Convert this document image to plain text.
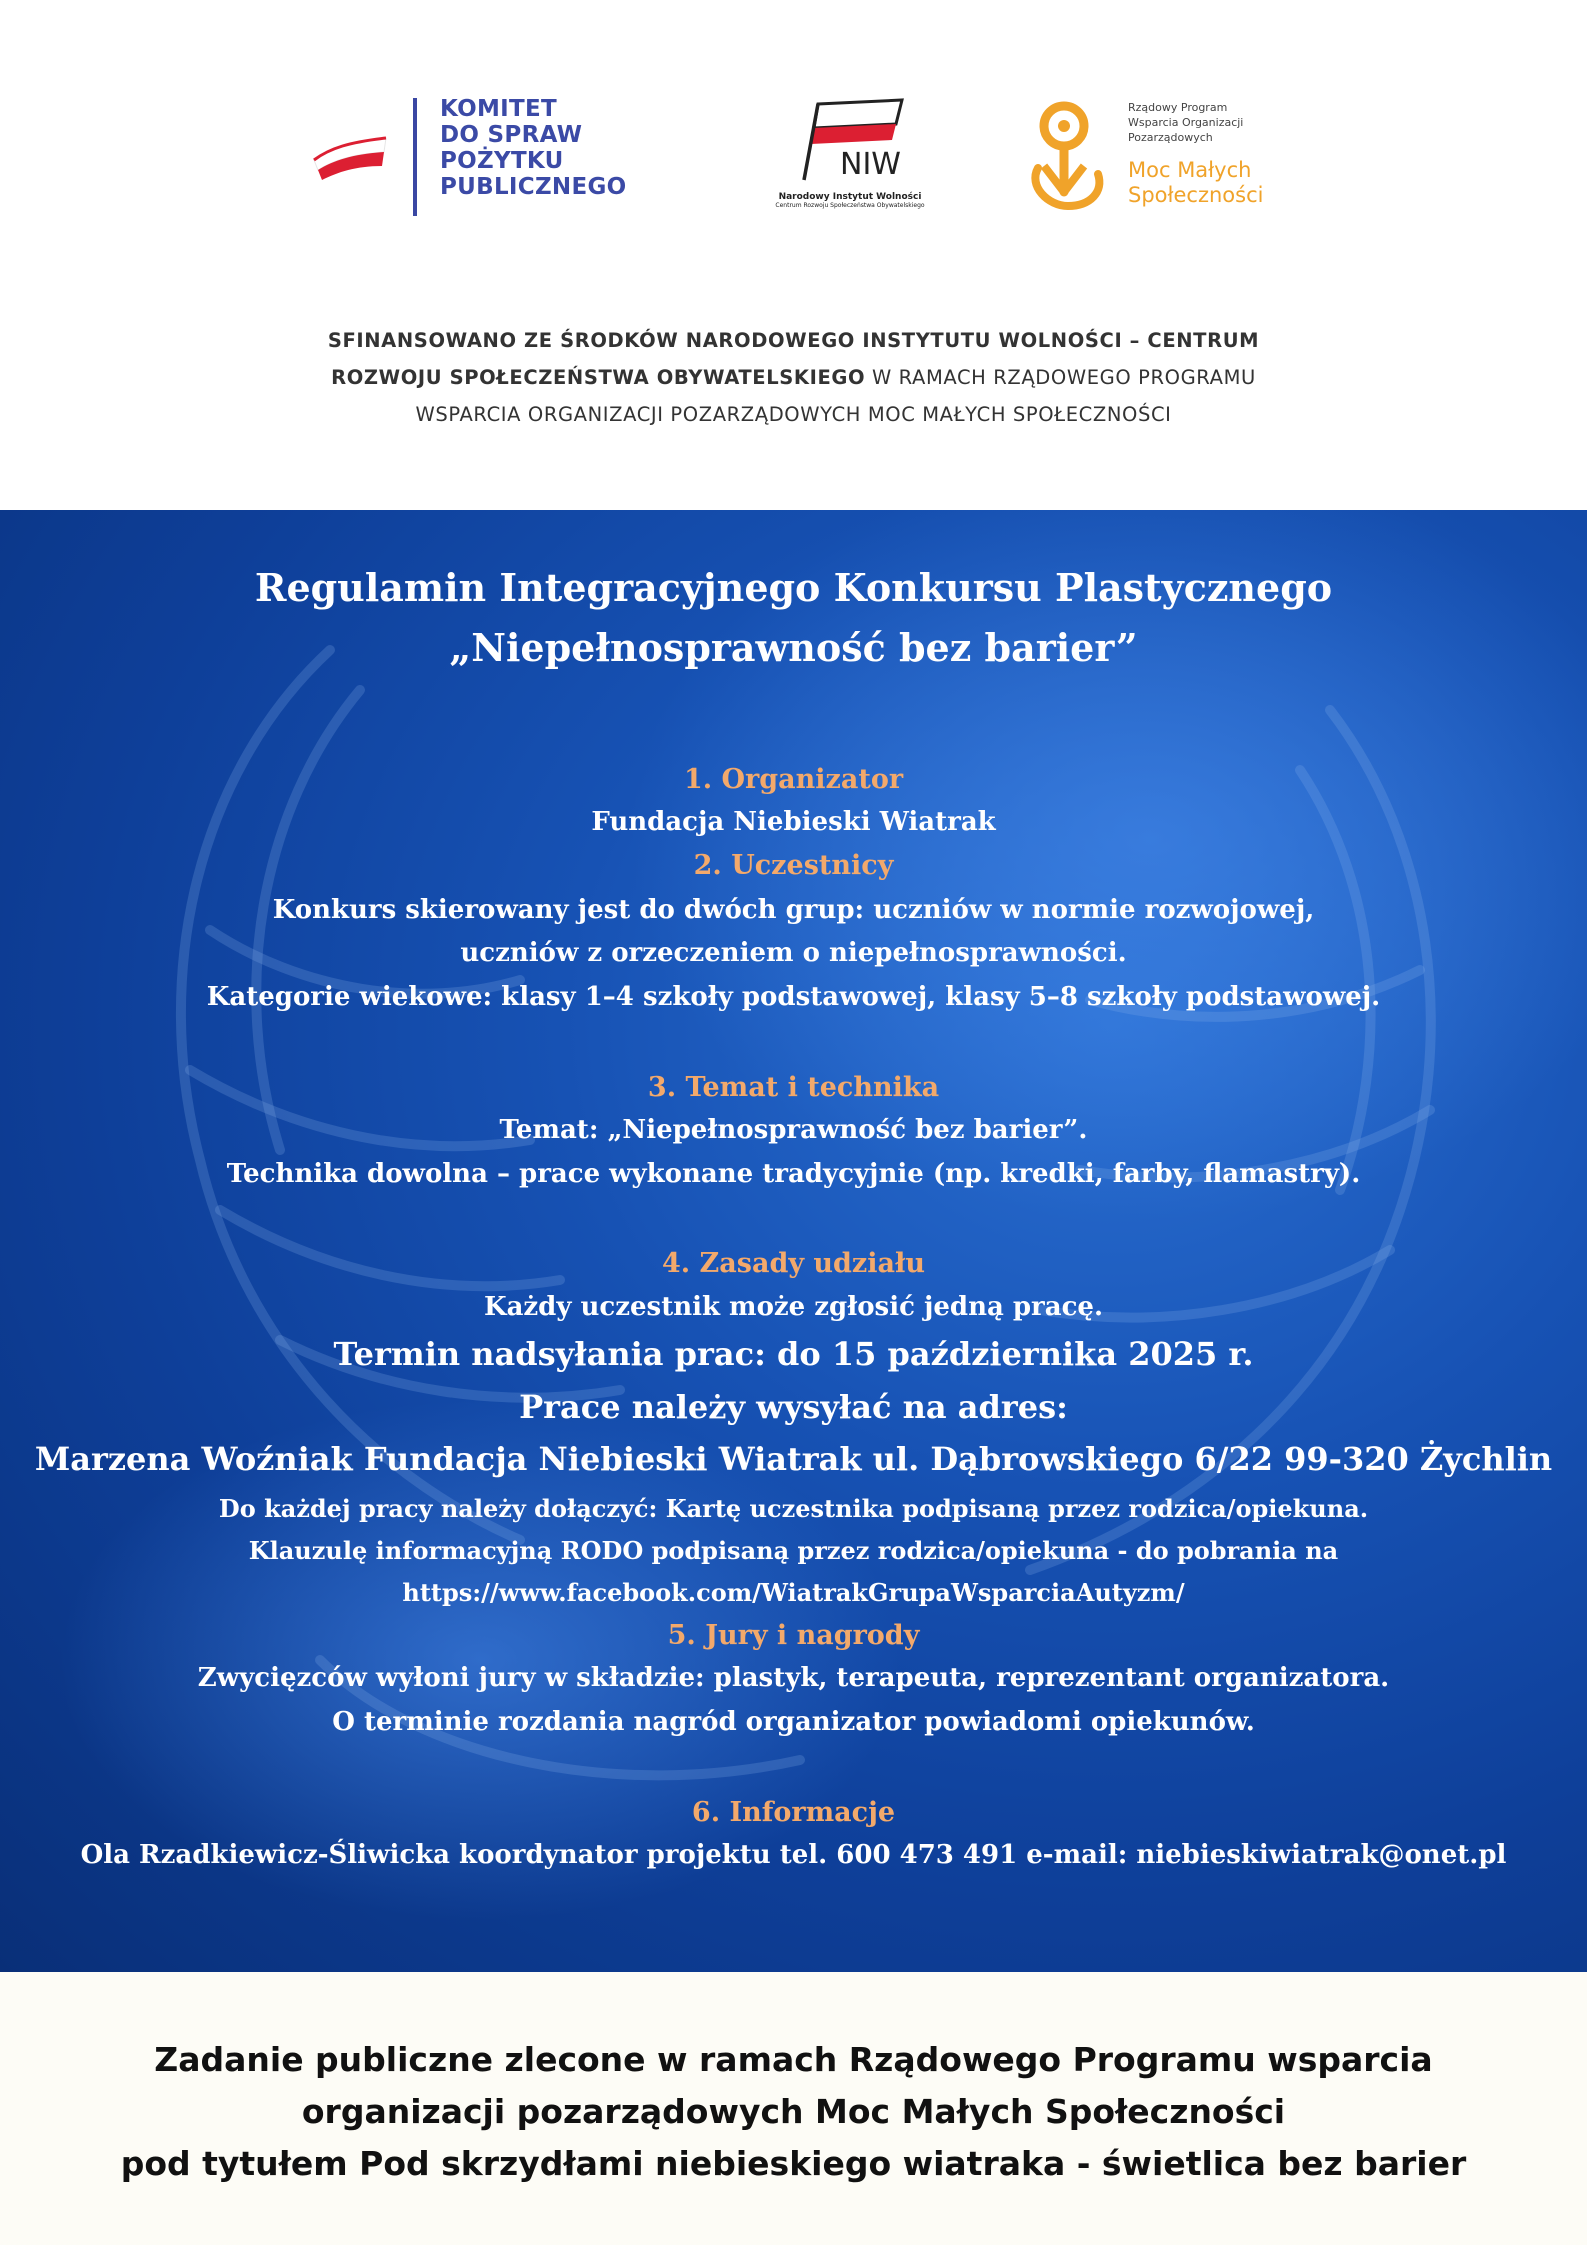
KOMITET
DO SPRAW
POŻYTKU
PUBLICZNEGO
NIW
Narodowy Instytut Wolności
Centrum Rozwoju Społeczeństwa Obywatelskiego
Rządowy Program
Wsparcia Organizacji
Pozarządowych
Moc Małych
Społeczności
SFINANSOWANO ZE ŚRODKÓW NARODOWEGO INSTYTUTU WOLNOŚCI – CENTRUM
ROZWOJU SPOŁECZEŃSTWA OBYWATELSKIEGO W RAMACH RZĄDOWEGO PROGRAMU
WSPARCIA ORGANIZACJI POZARZĄDOWYCH MOC MAŁYCH SPOŁECZNOŚCI
Regulamin Integracyjnego Konkursu Plastycznego
„Niepełnosprawność bez barier”
1. Organizator
Fundacja Niebieski Wiatrak
2. Uczestnicy
Konkurs skierowany jest do dwóch grup: uczniów w normie rozwojowej,
uczniów z orzeczeniem o niepełnosprawności.
Kategorie wiekowe: klasy 1–4 szkoły podstawowej, klasy 5–8 szkoły podstawowej.
3. Temat i technika
Temat: „Niepełnosprawność bez barier”.
Technika dowolna – prace wykonane tradycyjnie (np. kredki, farby, flamastry).
4. Zasady udziału
Każdy uczestnik może zgłosić jedną pracę.
Termin nadsyłania prac: do 15 października 2025 r.
Prace należy wysyłać na adres:
Marzena Woźniak Fundacja Niebieski Wiatrak ul. Dąbrowskiego 6/22 99-320 Żychlin
Do każdej pracy należy dołączyć: Kartę uczestnika podpisaną przez rodzica/opiekuna.
Klauzulę informacyjną RODO podpisaną przez rodzica/opiekuna - do pobrania na
https://www.facebook.com/WiatrakGrupaWsparciaAutyzm/
5. Jury i nagrody
Zwycięzców wyłoni jury w składzie: plastyk, terapeuta, reprezentant organizatora.
O terminie rozdania nagród organizator powiadomi opiekunów.
6. Informacje
Ola Rzadkiewicz-Śliwicka koordynator projektu tel. 600 473 491 e-mail: niebieskiwiatrak@onet.pl
Zadanie publiczne zlecone w ramach Rządowego Programu wsparcia
organizacji pozarządowych Moc Małych Społeczności
pod tytułem Pod skrzydłami niebieskiego wiatraka - świetlica bez barier
